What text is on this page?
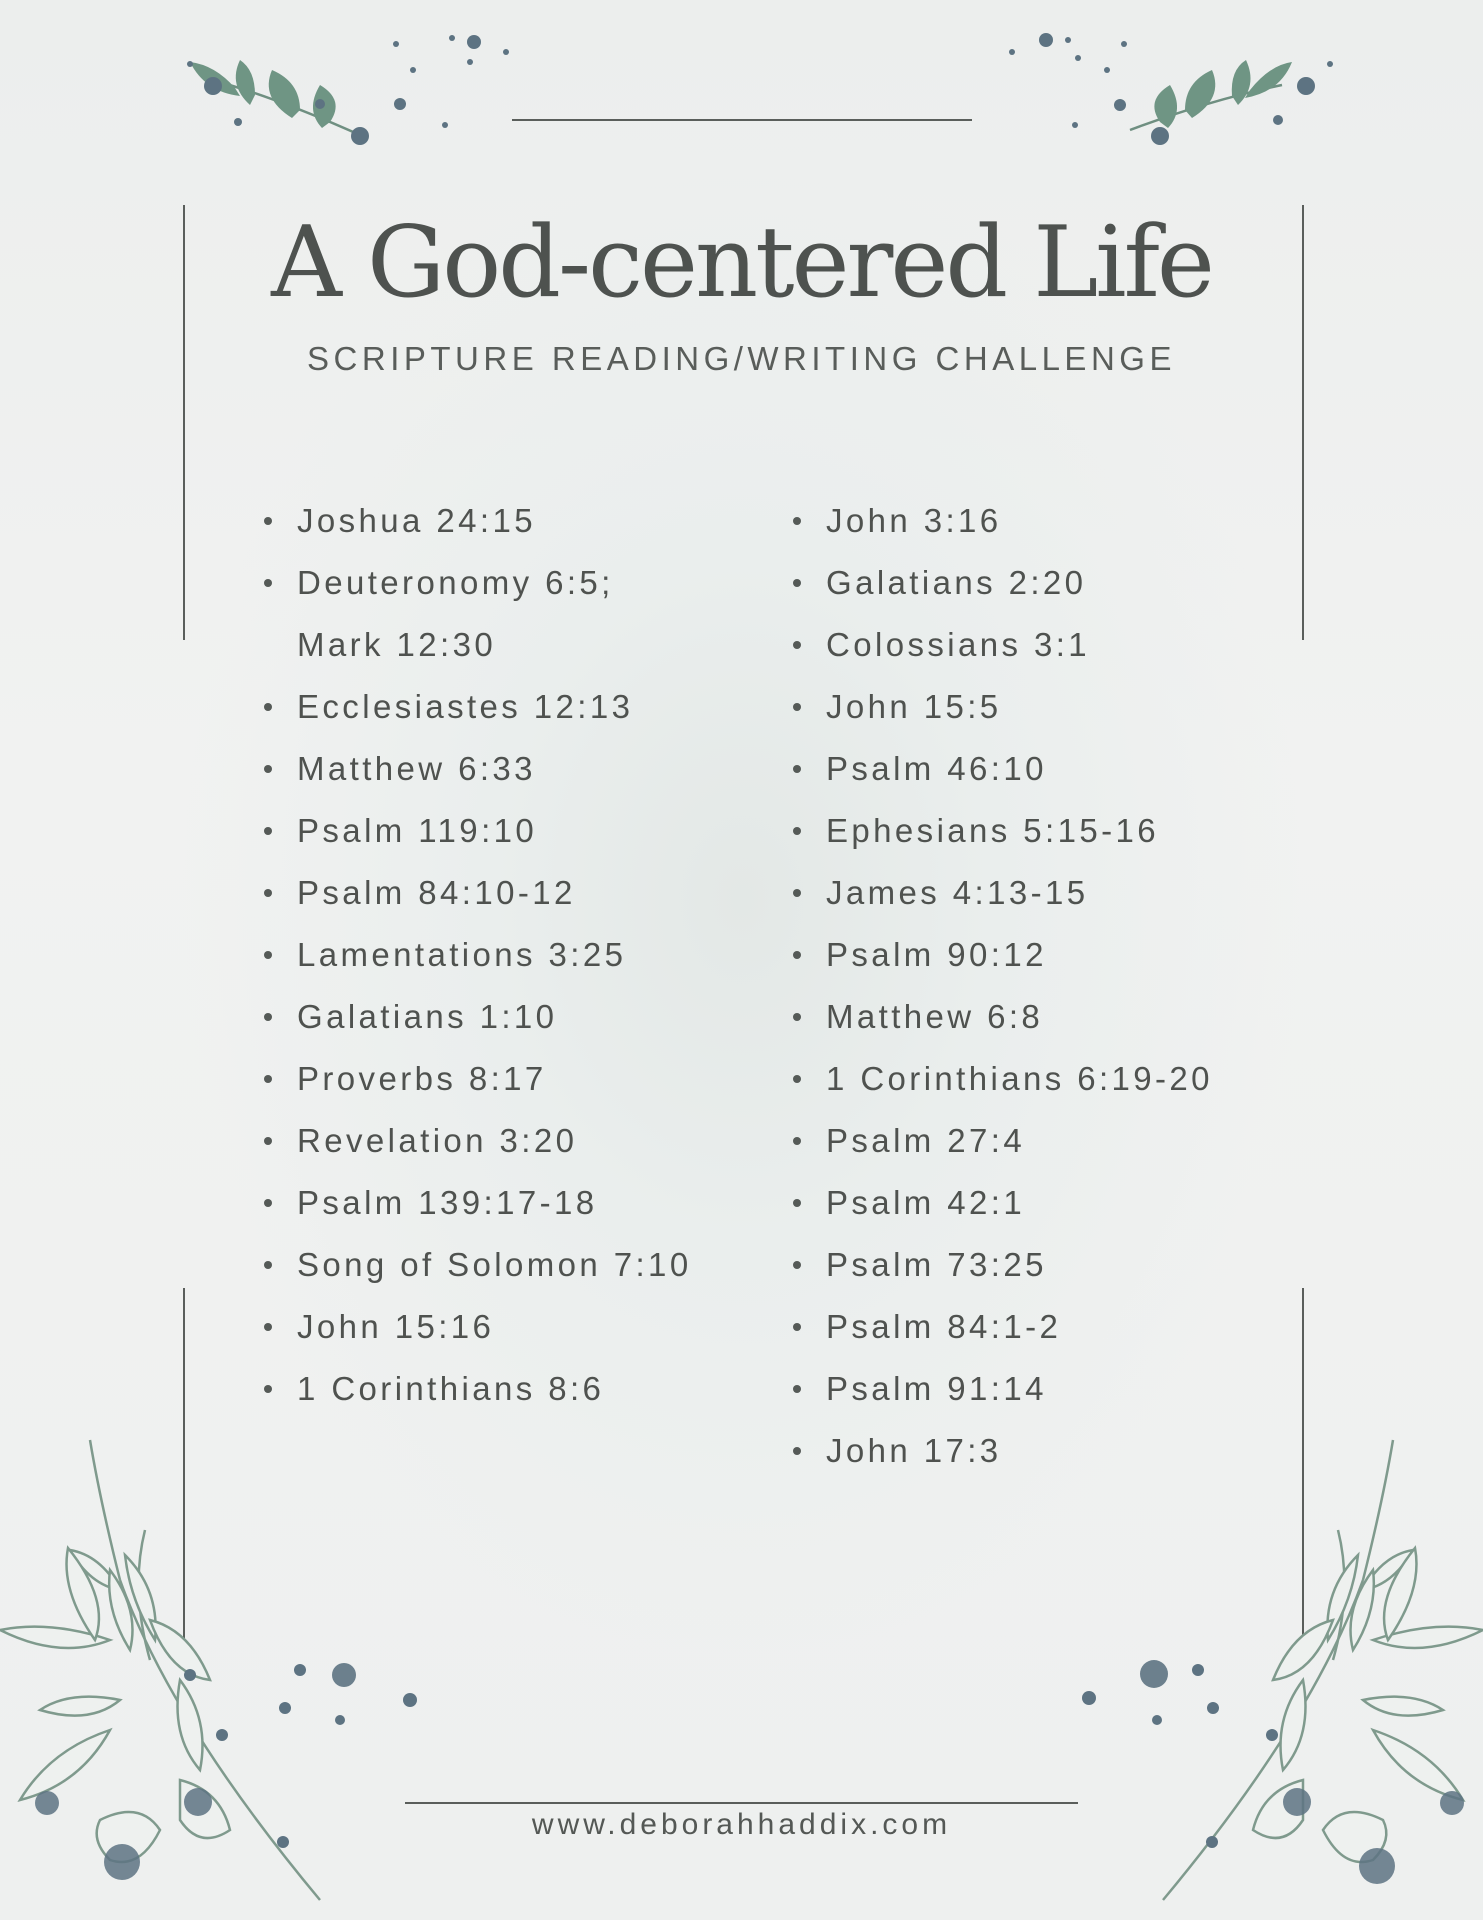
A God-centered Life
SCRIPTURE READING/WRITING CHALLENGE
Joshua 24:15
Deuteronomy 6:5; Mark 12:30
Ecclesiastes 12:13
Matthew 6:33
Psalm 119:10
Psalm 84:10-12
Lamentations 3:25
Galatians 1:10
Proverbs 8:17
Revelation 3:20
Psalm 139:17-18
Song of Solomon 7:10
John 15:16
1 Corinthians 8:6
John 3:16
Galatians 2:20
Colossians 3:1
John 15:5
Psalm 46:10
Ephesians 5:15-16
James 4:13-15
Psalm 90:12
Matthew 6:8
1 Corinthians 6:19-20
Psalm 27:4
Psalm 42:1
Psalm 73:25
Psalm 84:1-2
Psalm 91:14
John 17:3
www.deborahhaddix.com
